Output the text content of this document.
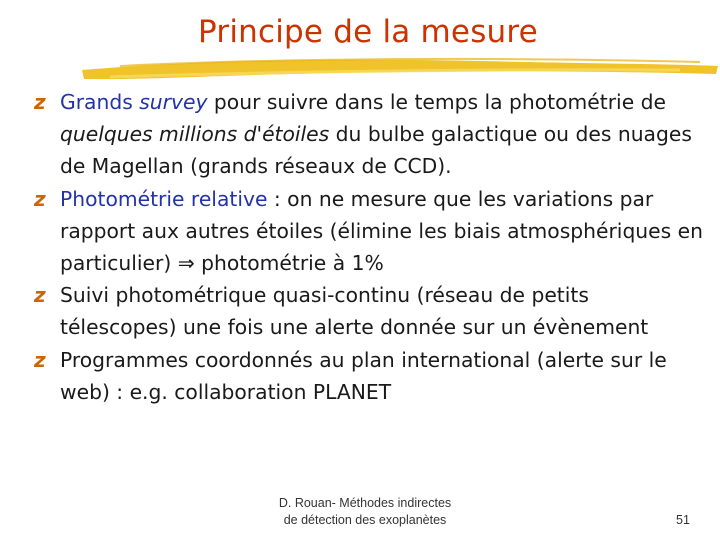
Principe de la mesure
z Grands survey pour suivre dans le temps la photométrie de quelques millions d'étoiles du bulbe galactique ou des nuages de Magellan (grands réseaux de CCD).
z Photométrie relative : on ne mesure que les variations par rapport aux autres étoiles (élimine les biais atmosphériques en particulier) ⇒ photométrie à 1%
z Suivi photométrique quasi-continu (réseau de petits télescopes) une fois une alerte donnée sur un évènement
z Programmes coordonnés au plan international (alerte sur le web) : e.g. collaboration PLANET
D. Rouan- Méthodes indirectes
de détection des exoplanètes	51
